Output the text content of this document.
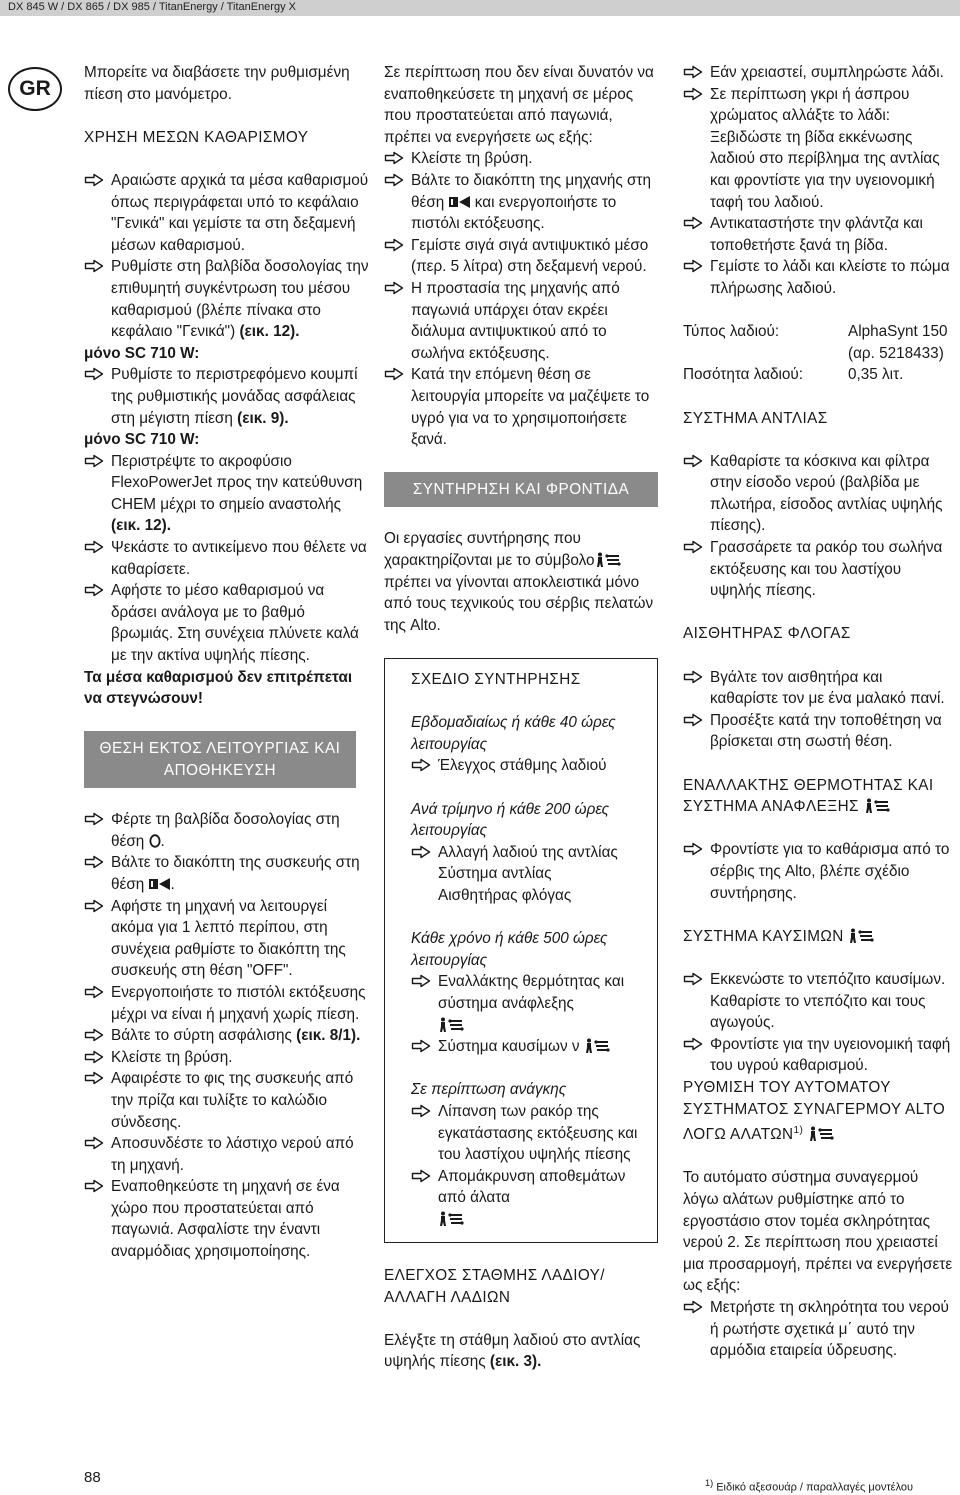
DX 845 W / DX 865 / DX 985 / TitanEnergy / TitanEnergy X
GR

Μπορείτε να διαβάσετε την ρυθμισμένη πίεση στο μανόμετρο.

ΧΡΗΣΗ ΜΕΣΩΝ ΚΑΘΑΡΙΣΜΟΥ

Αραιώστε αρχικά τα μέσα καθαρισμού όπως περιγράφεται υπό το κεφάλαιο "Γενικά" και γεμίστε τα στη δεξαμενή μέσων καθαρισμού.

Ρυθμίστε στη βαλβίδα δοσολογίας την επιθυμητή συγκέντρωση του μέσου καθαρισμού (βλέπε πίνακα στο κεφάλαιο "Γενικά") (εικ. 12).

μόνο SC 710 W:

Ρυθμίστε το περιστρεφόμενο κουμπί της ρυθμιστικής μονάδας ασφάλειας στη μέγιστη πίεση (εικ. 9).

μόνο SC 710 W:

Περιστρέψτε το ακροφύσιο FlexoPowerJet προς την κατεύθυνση CHEM μέχρι το σημείο αναστολής (εικ. 12).

Ψεκάστε το αντικείμενο που θέλετε να καθαρίσετε.

Αφήστε το μέσο καθαρισμού να δράσει ανάλογα με το βαθμό βρωμιάς. Στη συνέχεια πλύνετε καλά με την ακτίνα υψηλής πίεσης.

Τα μέσα καθαρισμού δεν επιτρέπεται να στεγνώσουν!

ΘΕΣΗ ΕΚΤΟΣ ΛΕΙΤΟΥΡΓΙΑΣ ΚΑΙ ΑΠΟΘΗΚΕΥΣΗ

Φέρτε τη βαλβίδα δοσολογίας στη θέση .

Βάλτε το διακόπτη της συσκευής στη θέση .

Αφήστε τη μηχανή να λειτουργεί ακόμα για 1 λεπτό περίπου, στη συνέχεια ραθμίστε το διακόπτη της συσκευής στη θέση "OFF".

Ενεργοποιήστε το πιστόλι εκτόξευσης μέχρι να είναι ή μηχανή χωρίς πίεση.

Βάλτε το σύρτη ασφάλισης (εικ. 8/1).

Κλείστε τη βρύση.

Αφαιρέστε το φις της συσκευής από την πρίζα και τυλίξτε το καλώδιο σύνδεσης.

Αποσυνδέστε το λάστιχο νερού από τη μηχανή.

Εναποθηκεύστε τη μηχανή σε ένα χώρο που προστατεύεται από παγωνιά. Ασφαλίστε την έναντι αναρμόδιας χρησιμοποίησης.

Σε περίπτωση που δεν είναι δυνατόν να εναποθηκεύσετε τη μηχανή σε μέρος που προστατεύεται από παγωνιά, πρέπει να ενεργήσετε ως εξής:

Κλείστε τη βρύση.

Βάλτε το διακόπτη της μηχανής στη θέση και ενεργοποιήστε το πιστόλι εκτόξευσης.

Γεμίστε σιγά σιγά αντιψυκτικό μέσο (περ. 5 λίτρα) στη δεξαμενή νερού.

Η προστασία της μηχανής από παγωνιά υπάρχει όταν εκρέει διάλυμα αντιψυκτικού από το σωλήνα εκτόξευσης.

Κατά την επόμενη θέση σε λειτουργία μπορείτε να μαζέψετε το υγρό για να το χρησιμοποιήσετε ξανά.

ΣΥΝΤΗΡΗΣΗ ΚΑΙ ΦΡΟΝΤΙΔΑ

Οι εργασίες συντήρησης που χαρακτηρίζονται με το σύμβολο πρέπει να γίνονται αποκλειστικά μόνο από τους τεχνικούς του σέρβις πελατών της Alto.

ΣΧΕΔΙΟ ΣΥΝΤΗΡΗΣΗΣ

Εβδομαδιαίως ή κάθε 40 ώρες λειτουργίας

Έλεγχος στάθμης λαδιού

Ανά τρίμηνο ή κάθε 200 ώρες λειτουργίας

Αλλαγή λαδιού της αντλίας
Σύστημα αντλίας
Αισθητήρας φλόγας

Κάθε χρόνο ή κάθε 500 ώρες λειτουργίας

Εναλλάκτης θερμότητας και σύστημα ανάφλεξης

Σύστημα καυσίμων ν

Σε περίπτωση ανάγκης

Λίπανση των ρακόρ της εγκατάστασης εκτόξευσης και του λαστίχου υψηλής πίεσης

Απομάκρυνση αποθεμάτων από άλατα

ΕΛΕΓΧΟΣ ΣΤΑΘΜΗΣ ΛΑΔΙΟΥ/ ΑΛΛΑΓΗ ΛΑΔΙΩΝ

Ελέγξτε τη στάθμη λαδιού στο αντλίας υψηλής πίεσης (εικ. 3).

Εάν χρειαστεί, συμπληρώστε λάδι.

Σε περίπτωση γκρι ή άσπρου χρώματος αλλάξτε το λάδι: Ξεβιδώστε τη βίδα εκκένωσης λαδιού στο περίβλημα της αντλίας και φροντίστε για την υγειονομική ταφή του λαδιού.

Αντικαταστήστε την φλάντζα και τοποθετήστε ξανά τη βίδα.

Γεμίστε το λάδι και κλείστε το πώμα πλήρωσης λαδιού.

Τύπος λαδιού:	AlphaSynt 150
(αρ. 5218433)
Ποσότητα λαδιού:	0,35 λιτ.

ΣΥΣΤΗΜΑ ΑΝΤΛΙΑΣ

Καθαρίστε τα κόσκινα και φίλτρα στην είσοδο νερού (βαλβίδα με πλωτήρα, είσοδος αντλίας υψηλής πίεσης).

Γρασσάρετε τα ρακόρ του σωλήνα εκτόξευσης και του λαστίχου υψηλής πίεσης.

ΑΙΣΘΗΤΗΡΑΣ ΦΛΟΓΑΣ

Βγάλτε τον αισθητήρα και καθαρίστε τον με ένα μαλακό πανί.

Προσέξτε κατά την τοποθέτηση να βρίσκεται στη σωστή θέση.

ΕΝΑΛΛΑΚΤΗΣ ΘΕΡΜΟΤΗΤΑΣ ΚΑΙ ΣΥΣΤΗΜΑ ΑΝΑΦΛΕΞΗΣ

Φροντίστε για το καθάρισμα από το σέρβις της Alto, βλέπε σχέδιο συντήρησης.

ΣΥΣΤΗΜΑ ΚΑΥΣΙΜΩΝ

Εκκενώστε το ντεπόζιτο καυσίμων. Καθαρίστε το ντεπόζιτο και τους αγωγούς.

Φροντίστε για την υγειονομική ταφή του υγρού καθαρισμού.

ΡΥΘΜΙΣΗ ΤΟΥ ΑΥΤΟΜΑΤΟΥ ΣΥΣΤΗΜΑΤΟΣ ΣΥΝΑΓΕΡΜΟΥ ΑLTO ΛΟΓΩ ΑΛΑΤΩΝ$^{1)}$

Το αυτόματο σύστημα συναγερμού λόγω αλάτων ρυθμίστηκε από το εργοστάσιο στον τομέα σκληρότητας νερού 2. Σε περίπτωση που χρειαστεί μια προσαρμογή, πρέπει να ενεργήσετε ως εξής:

Μετρήστε τη σκληρότητα του νερού ή ρωτήστε σχετικά μ΄ αυτό την αρμόδια εταιρεία ύδρευσης.

88	$^{1)}$ Ειδικό αξεσουάρ / παραλλαγές μοντέλου
